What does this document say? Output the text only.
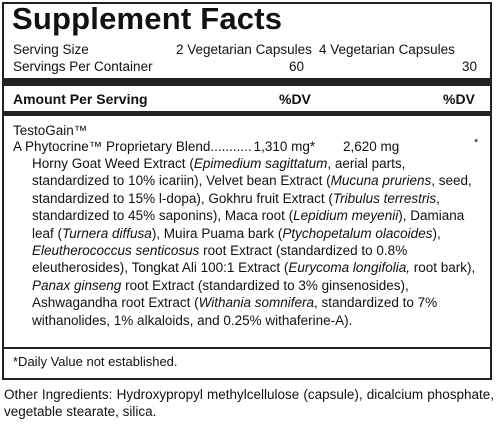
Supplement Facts
Serving Size	2 Vegetarian Capsules 4 Vegetarian Capsules
Servings Per Container	60	30
Amount Per Serving	%DV	%DV
TestoGain™
A Phytocrine™ Proprietary Blend........... 1,310 mg* 2,620 mg	*
Horny Goat Weed Extract (Epimedium sagittatum, aerial parts, standardized to 10% icariin), Velvet bean Extract (Mucuna pruriens, seed, standardized to 15% l-dopa), Gokhru fruit Extract (Tribulus terrestris, standardized to 45% saponins), Maca root (Lepidium meyenii), Damiana leaf (Turnera diffusa), Muira Puama bark (Ptychopetalum olacoides), Eleutherococcus senticosus root Extract (standardized to 0.8% eleutherosides), Tongkat Ali 100:1 Extract (Eurycoma longifolia, root bark), Panax ginseng root Extract (standardized to 3% ginsenosides), Ashwagandha root Extract (Withania somnifera, standardized to 7% withanolides, 1% alkaloids, and 0.25% withaferine-A).
*Daily Value not established.
Other Ingredients: Hydroxypropyl methylcellulose (capsule), dicalcium phosphate, vegetable stearate, silica.
